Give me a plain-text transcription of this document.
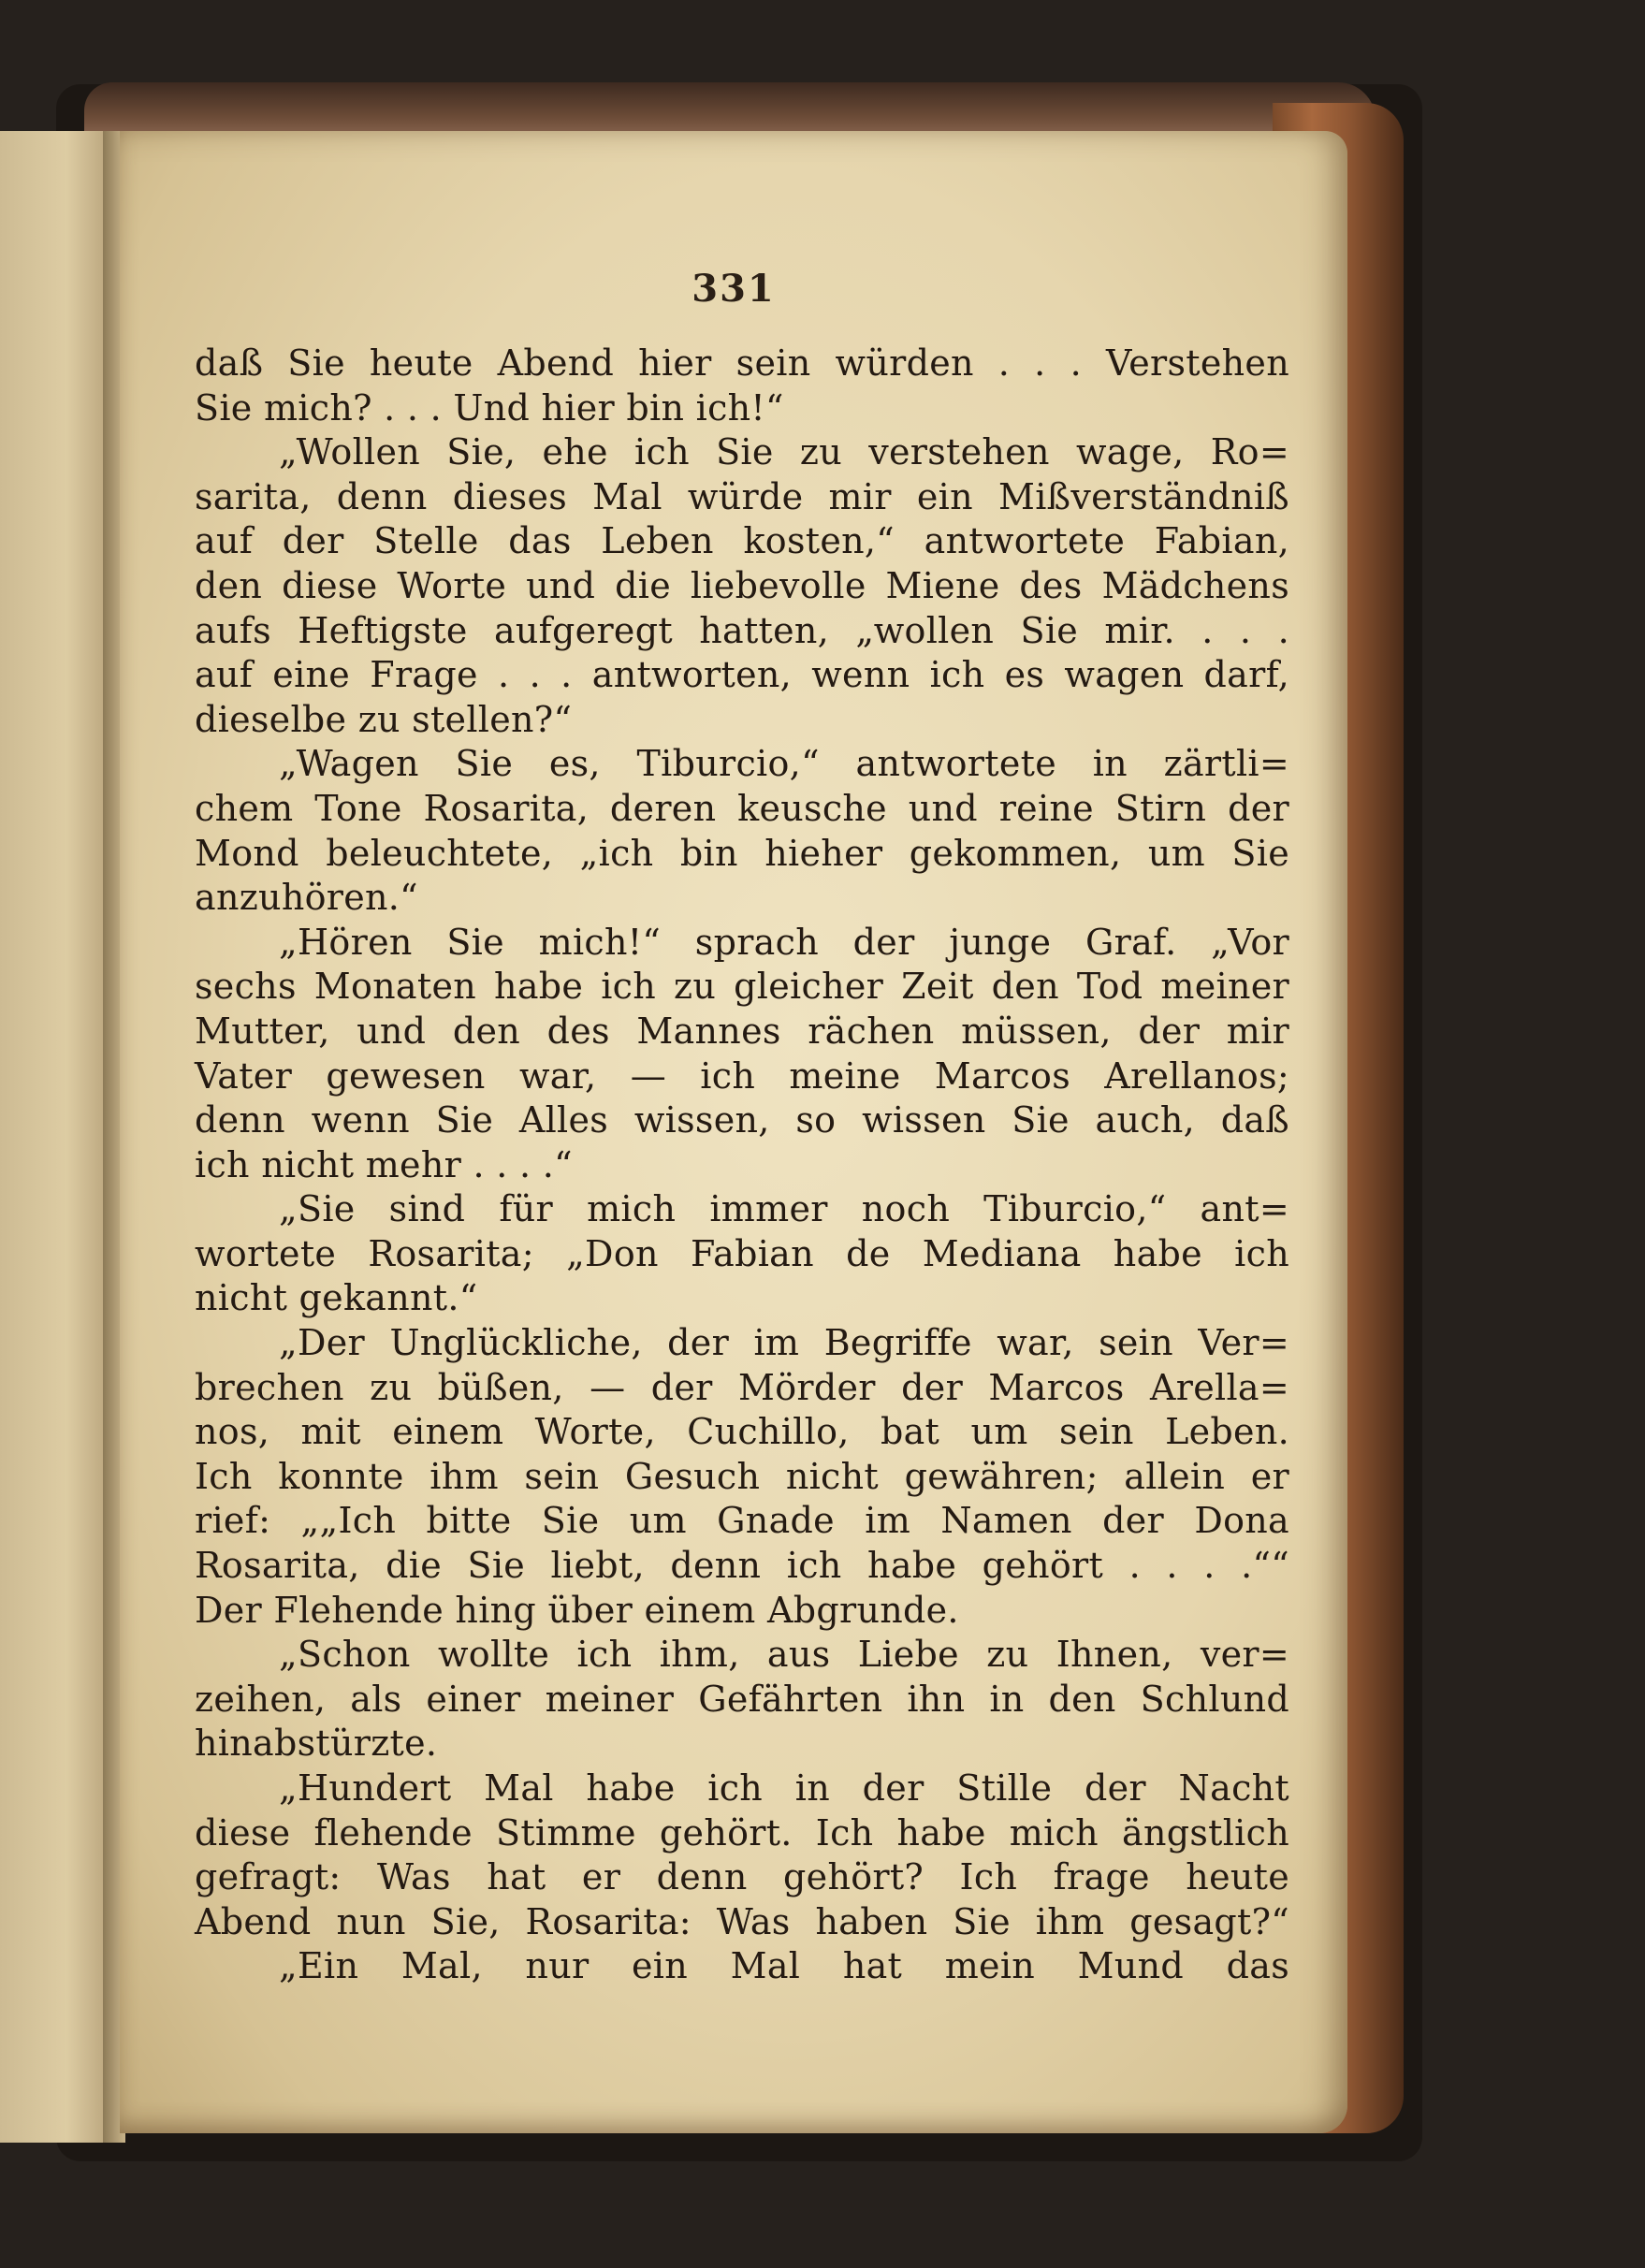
331
daß Sie heute Abend hier sein würden . . . Verstehen
Sie mich? . . . Und hier bin ich!“
„Wollen Sie, ehe ich Sie zu verstehen wage, Ro=
sarita, denn dieses Mal würde mir ein Mißverständniß
auf der Stelle das Leben kosten,“ antwortete Fabian,
den diese Worte und die liebevolle Miene des Mädchens
aufs Heftigste aufgeregt hatten, „wollen Sie mir. . . .
auf eine Frage . . . antworten, wenn ich es wagen darf,
dieselbe zu stellen?“
„Wagen Sie es, Tiburcio,“ antwortete in zärtli=
chem Tone Rosarita, deren keusche und reine Stirn der
Mond beleuchtete, „ich bin hieher gekommen, um Sie
anzuhören.“
„Hören Sie mich!“ sprach der junge Graf. „Vor
sechs Monaten habe ich zu gleicher Zeit den Tod meiner
Mutter, und den des Mannes rächen müssen, der mir
Vater gewesen war, — ich meine Marcos Arellanos;
denn wenn Sie Alles wissen, so wissen Sie auch, daß
ich nicht mehr . . . .“
„Sie sind für mich immer noch Tiburcio,“ ant=
wortete Rosarita; „Don Fabian de Mediana habe ich
nicht gekannt.“
„Der Unglückliche, der im Begriffe war, sein Ver=
brechen zu büßen, — der Mörder der Marcos Arella=
nos, mit einem Worte, Cuchillo, bat um sein Leben.
Ich konnte ihm sein Gesuch nicht gewähren; allein er
rief: „„Ich bitte Sie um Gnade im Namen der Dona
Rosarita, die Sie liebt, denn ich habe gehört . . . .““
Der Flehende hing über einem Abgrunde.
„Schon wollte ich ihm, aus Liebe zu Ihnen, ver=
zeihen, als einer meiner Gefährten ihn in den Schlund
hinabstürzte.
„Hundert Mal habe ich in der Stille der Nacht
diese flehende Stimme gehört. Ich habe mich ängstlich
gefragt: Was hat er denn gehört? Ich frage heute
Abend nun Sie, Rosarita: Was haben Sie ihm gesagt?“
„Ein Mal, nur ein Mal hat mein Mund das
